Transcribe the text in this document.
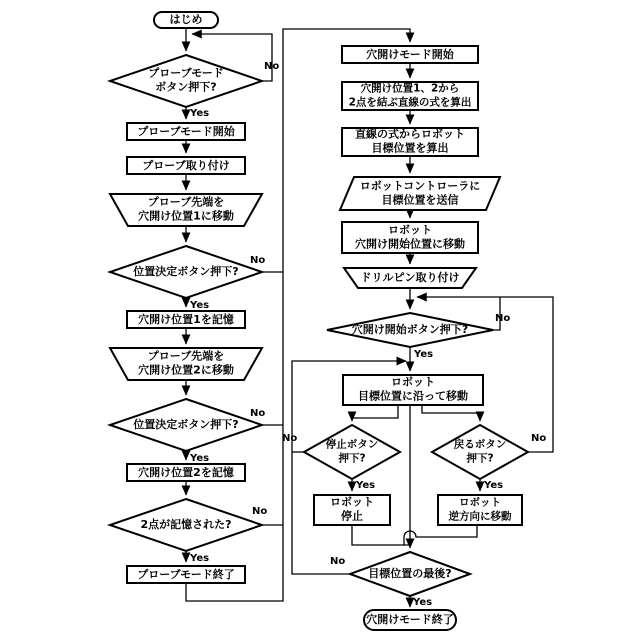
はじめ
プローブモード
ボタン押下?
プローブモード開始
プローブ取り付け
プローブ先端を
穴開け位置1に移動
位置決定ボタン押下?
穴開け位置1を記憶
プローブ先端を
穴開け位置2に移動
位置決定ボタン押下?
穴開け位置2を記憶
2点が記憶された?
プローブモード終了
穴開けモード開始
穴開け位置1、2から
2点を結ぶ直線の式を算出
直線の式からロボット
目標位置を算出
ロボットコントローラに
目標位置を送信
ロボット
穴開け開始位置に移動
ドリルピン取り付け
穴開け開始ボタン押下?
ロボット
目標位置に沿って移動
停止ボタン
押下?
戻るボタン
押下?
ロボット
停止
ロボット
逆方向に移動
目標位置の最後?
穴開けモード終了
No
Yes
No
Yes
No
Yes
No
Yes
No
Yes
No
Yes
No
Yes
No
Yes
